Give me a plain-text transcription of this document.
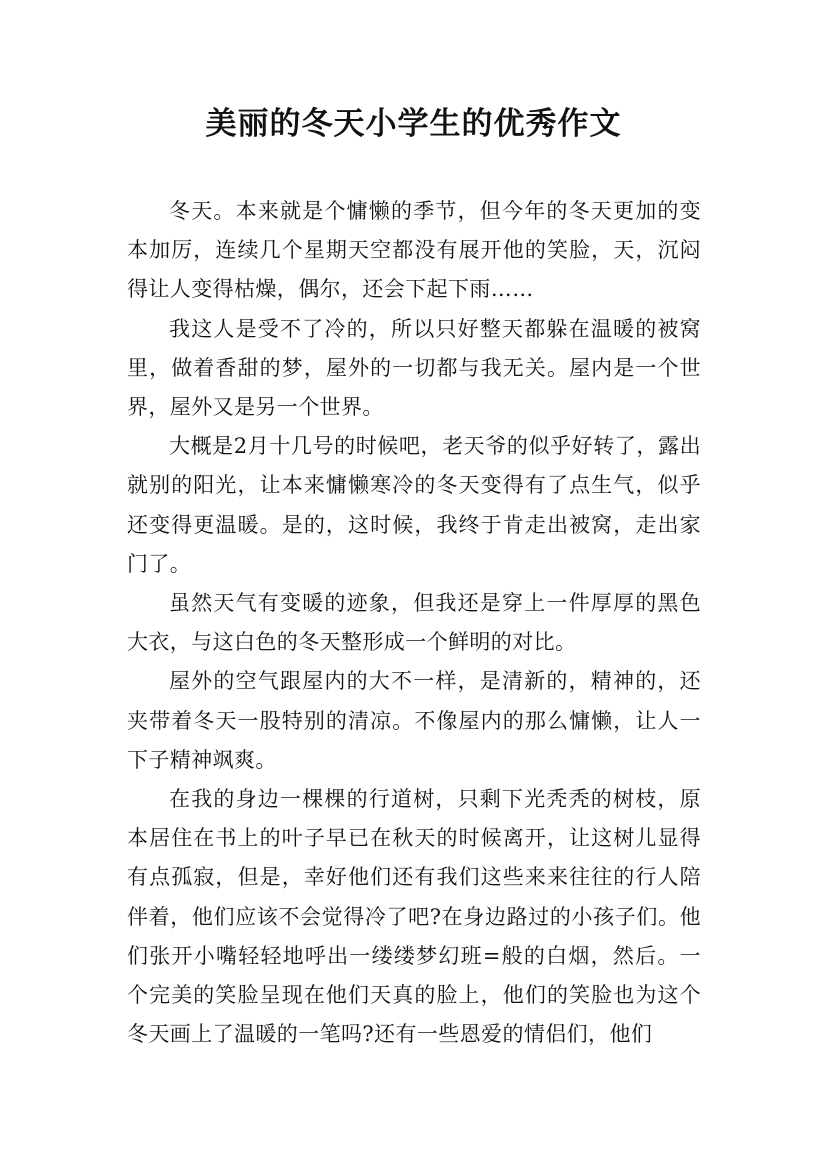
美丽的冬天小学生的优秀作文

冬天。本来就是个慵懒的季节，但今年的冬天更加的变本加厉，连续几个星期天空都没有展开他的笑脸，天，沉闷得让人变得枯燥，偶尔，还会下起下雨……

我这人是受不了冷的，所以只好整天都躲在温暖的被窝里，做着香甜的梦，屋外的一切都与我无关。屋内是一个世界，屋外又是另一个世界。

大概是2月十几号的时候吧，老天爷的似乎好转了，露出就别的阳光，让本来慵懒寒冷的冬天变得有了点生气，似乎还变得更温暖。是的，这时候，我终于肯走出被窝，走出家门了。

虽然天气有变暖的迹象，但我还是穿上一件厚厚的黑色大衣，与这白色的冬天整形成一个鲜明的对比。

屋外的空气跟屋内的大不一样，是清新的，精神的，还夹带着冬天一股特别的清凉。不像屋内的那么慵懒，让人一下子精神飒爽。

在我的身边一棵棵的行道树，只剩下光秃秃的树枝，原本居住在书上的叶子早已在秋天的时候离开，让这树儿显得有点孤寂，但是，幸好他们还有我们这些来来往往的行人陪伴着，他们应该不会觉得冷了吧?在身边路过的小孩子们。他们张开小嘴轻轻地呼出一缕缕梦幻班=般的白烟，然后。一个完美的笑脸呈现在他们天真的脸上，他们的笑脸也为这个冬天画上了温暖的一笔吗?还有一些恩爱的情侣们，他们
